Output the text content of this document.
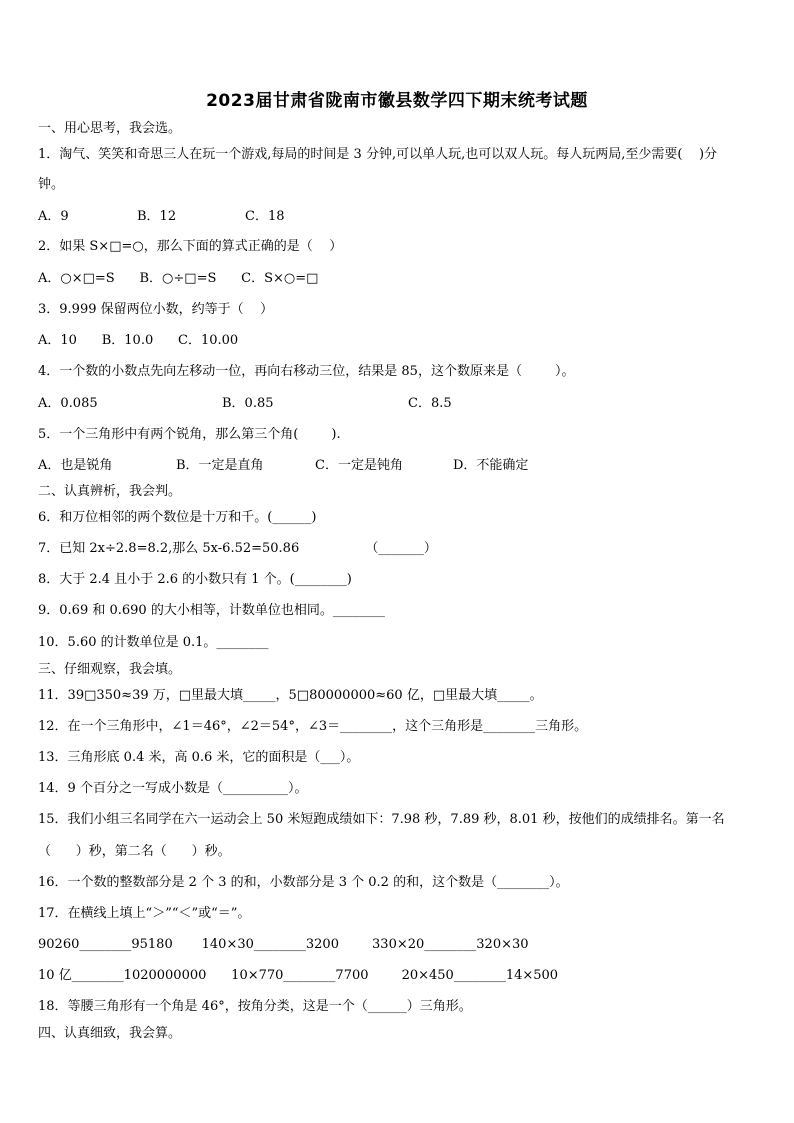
2023届甘肃省陇南市徽县数学四下期末统考试题
一、用心思考，我会选。
1．淘气、笑笑和奇思三人在玩一个游戏,每局的时间是 3 分钟,可以单人玩,也可以双人玩。每人玩两局,至少需要(    )分
钟。
A．9	B．12	C．18
2．如果 S×□=○，那么下面的算式正确的是（    ）
A．○×□=S      B．○÷□=S      C．S×○=□
3．9.999 保留两位小数，约等于（    ）
A．10      B．10.0      C．10.00
4．一个数的小数点先向左移动一位，再向右移动三位，结果是 85，这个数原来是（        ）。
A．0.085	B．0.85	C．8.5
5．一个三角形中有两个锐角，那么第三个角(        ).
A．也是锐角	B．一定是直角	C．一定是钝角	D．不能确定
二、认真辨析，我会判。
6．和万位相邻的两个数位是十万和千。(______)
7．已知 2x÷2.8=8.2,那么 5x-6.52=50.86                （_______）
8．大于 2.4 且小于 2.6 的小数只有 1 个。(________)
9．0.69 和 0.690 的大小相等，计数单位也相同。________
10．5.60 的计数单位是 0.1。________
三、仔细观察，我会填。
11．39□350≈39 万，□里最大填_____，5□80000000≈60 亿，□里最大填_____。
12．在一个三角形中，∠1＝46°，∠2＝54°，∠3＝________，这个三角形是________三角形。
13．三角形底 0.4 米，高 0.6 米，它的面积是（___）。
14．9 个百分之一写成小数是（__________）。
15．我们小组三名同学在六一运动会上 50 米短跑成绩如下：7.98 秒，7.89 秒，8.01 秒，按他们的成绩排名。第一名
（      ）秒，第二名（      ）秒。
16．一个数的整数部分是 2 个 3 的和，小数部分是 3 个 0.2 的和，这个数是（________）。
17．在横线上填上“＞”“＜”或“＝”。
90260________95180       140×30________3200        330×20________320×30
10 亿________1020000000      10×770________7700        20×450________14×500
18．等腰三角形有一个角是 46°，按角分类，这是一个（______）三角形。
四、认真细致，我会算。
